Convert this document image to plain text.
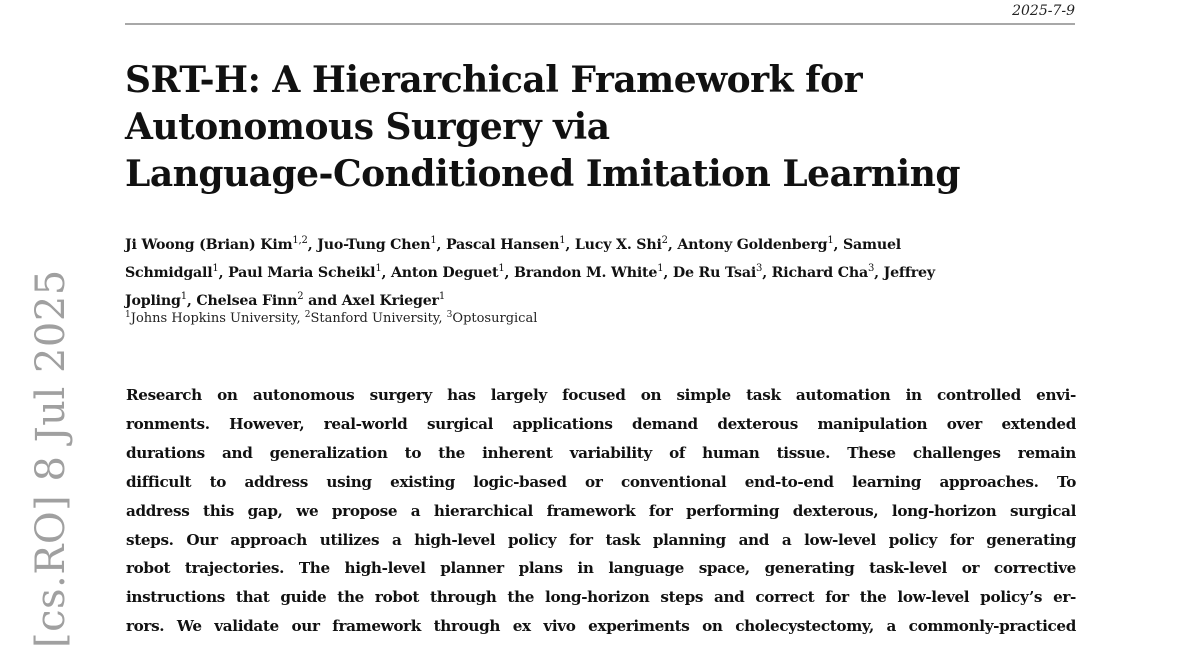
2025-7-9
SRT-H: A Hierarchical Framework for
Autonomous Surgery via
Language-Conditioned Imitation Learning
Ji Woong (Brian) Kim$^{1,2}$, Juo-Tung Chen$^1$, Pascal Hansen$^1$, Lucy X. Shi$^2$, Antony Goldenberg$^1$, Samuel
Schmidgall$^1$, Paul Maria Scheikl$^1$, Anton Deguet$^1$, Brandon M. White$^1$, De Ru Tsai$^3$, Richard Cha$^3$, Jeffrey
Jopling$^1$, Chelsea Finn$^2$ and Axel Krieger$^1$
$^1$Johns Hopkins University, $^2$Stanford University, $^3$Optosurgical
Research on autonomous surgery has largely focused on simple task automation in controlled envi-
ronments. However, real-world surgical applications demand dexterous manipulation over extended
durations and generalization to the inherent variability of human tissue. These challenges remain
difficult to address using existing logic-based or conventional end-to-end learning approaches. To
address this gap, we propose a hierarchical framework for performing dexterous, long-horizon surgical
steps. Our approach utilizes a high-level policy for task planning and a low-level policy for generating
robot trajectories. The high-level planner plans in language space, generating task-level or corrective
instructions that guide the robot through the long-horizon steps and correct for the low-level policy’s er-
rors. We validate our framework through ex vivo experiments on cholecystectomy, a commonly-practiced
[cs.RO] 8 Jul 2025
